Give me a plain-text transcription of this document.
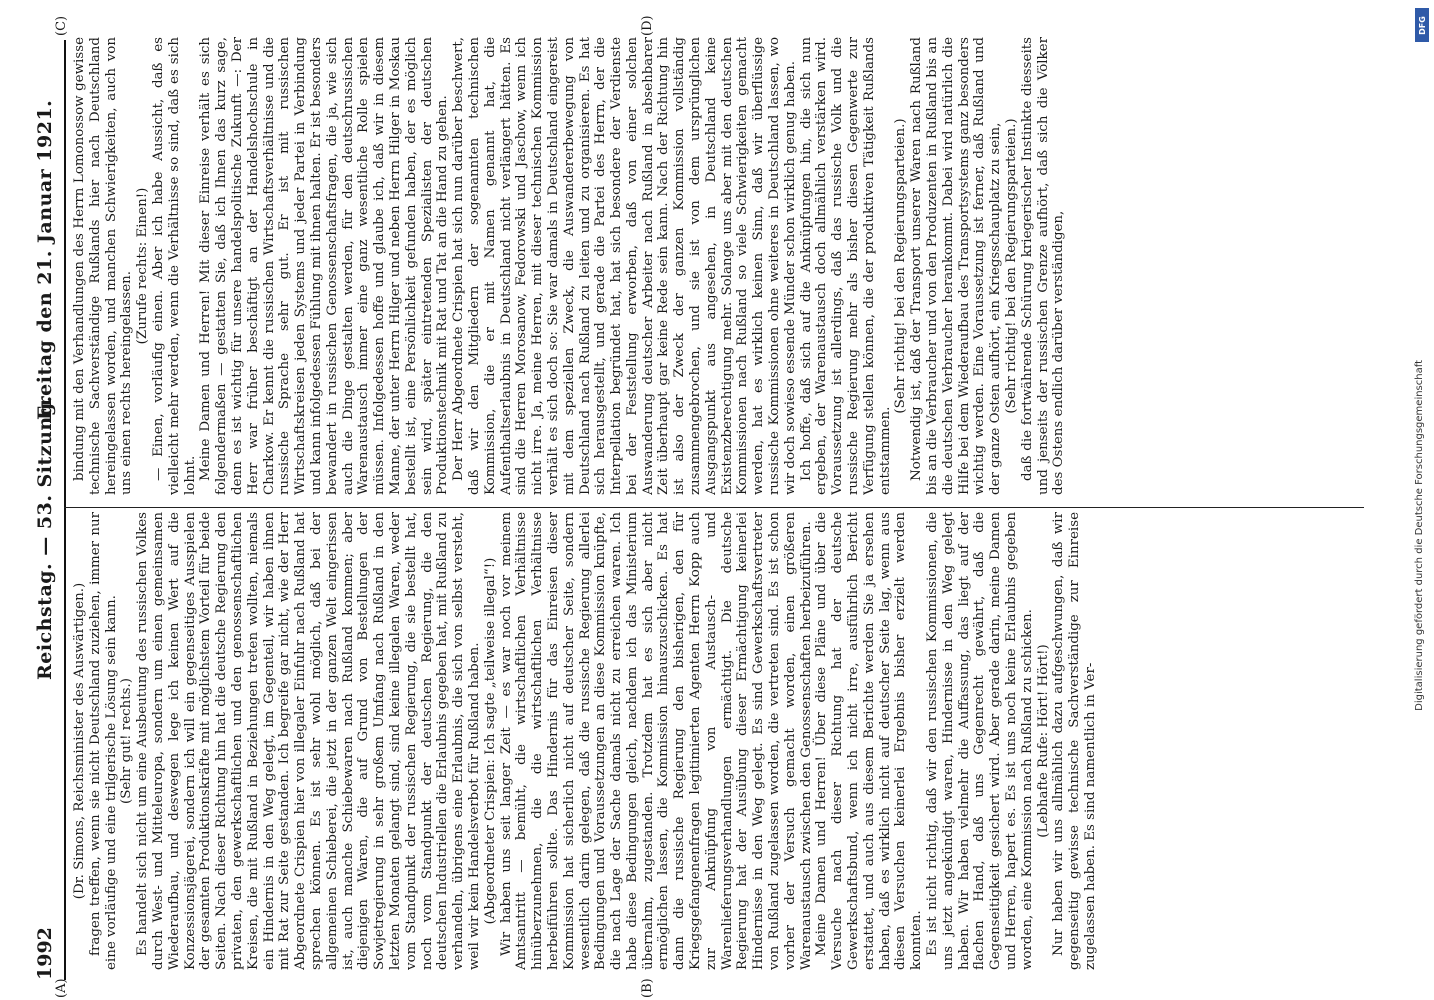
1992
Reichstag. — 53. Sitzung.
Freitag den 21. Januar 1921.

(Dr. Simons, Reichsminister des Auswärtigen.) fragen treffen, wenn sie nicht Deutschland zuziehen, immer nur eine vorläufige und eine trilgerische Lösung sein kann. (Sehr gut! rechts.) Es handelt sich nicht um eine Ausbeutung des russischen Volkes durch West- und Mitteleuropa, sondern um einen gemeinsamen Wiederaufbau, und deswegen lege ich keinen Wert auf die Konzessionsjägerei, sondern ich will ein gegenseitiges Ausspielen der gesamten Produktionskräfte mit möglichstem Vorteil für beide Seiten. Nach dieser Richtung hin hat die deutsche Regierung den privaten, den gewerkschaftlichen und den genossenschaftlichen Kreisen, die mit Rußland in Beziehungen treten wollten, niemals ein Hindernis in den Weg gelegt, im Gegenteil, wir haben ihnen mit Rat zur Seite gestanden. Ich begreife gar nicht, wie der Herr Abgeordnete Crispien hier von illegaler Einfuhr nach Rußland hat sprechen können. Es ist sehr wohl möglich, daß bei der allgemeinen Schieberei, die jetzt in der ganzen Welt eingerissen ist, auch manche Schiebewaren nach Rußland kommen; aber diejenigen Waren, die auf Grund von Bestellungen der Sowjetregierung in sehr großem Umfang nach Rußland in den letzten Monaten gelangt sind, sind keine illegalen Waren, weder vom Standpunkt der russischen Regierung, die sie bestellt hat, noch vom Standpunkt der deutschen Regierung, die den deutschen Industriellen die Erlaubnis gegeben hat, mit Rußland zu verhandeln, übrigens eine Erlaubnis, die sich von selbst versteht, weil wir kein Handelsverbot für Rußland haben. (Abgeordneter Crispien: Ich sagte „teilweise illegal“!) Wir haben uns seit langer Zeit — es war noch vor meinem Amtsantritt — bemüht, die wirtschaftlichen Verhältnisse hinüberzunehmen, die die wirtschaftlichen Verhältnisse herbeiführen sollte. Das Hindernis für das Einreisen dieser Kommission hat sicherlich nicht auf deutscher Seite, sondern wesentlich darin gelegen, daß die russische Regierung allerlei Bedingungen und Voraussetzungen an diese Kommission knüpfte, die nach Lage der Sache damals nicht zu erreichen waren. Ich habe diese Bedingungen gleich, nachdem ich das Ministerium übernahm, zugestanden. Trotzdem hat es sich aber nicht ermöglichen lassen, die Kommission hinauszuschicken. Es hat dann die russische Regierung den bisherigen, den für Kriegsgefangenenfragen legitimierten Agenten Herrn Kopp auch zur Anknüpfung von Austausch- und Warenlieferungsverhandlungen ermächtigt. Die deutsche Regierung hat der Ausübung dieser Ermächtigung keinerlei Hindernisse in den Weg gelegt. Es sind Gewerkschaftsvertreter von Rußland zugelassen worden, die vertreten sind. Es ist schon vorher der Versuch gemacht worden, einen größeren Warenaustausch zwischen den Genossenschaften herbeizuführen. Meine Damen und Herren! Über diese Pläne und über die Versuche nach dieser Richtung hat der deutsche Gewerkschaftsbund, wenn ich nicht irre, ausführlich Bericht erstattet, und auch aus diesem Berichte werden Sie ja ersehen haben, daß es wirklich nicht auf deutscher Seite lag, wenn aus diesen Versuchen keinerlei Ergebnis bisher erzielt werden konnten. Es ist nicht richtig, daß wir den russischen Kommissionen, die uns jetzt angekündigt waren, Hindernisse in den Weg gelegt haben. Wir haben vielmehr die Auffassung, das liegt auf der flachen Hand, daß uns Gegenrecht gewährt, daß die Gegenseitigkeit gesichert wird. Aber gerade darin, meine Damen und Herren, hapert es. Es ist uns noch keine Erlaubnis gegeben worden, eine Kommission nach Rußland zu schicken. (Lebhafte Rufe: Hört! Hört!) Nur haben wir uns allmählich dazu aufgeschwungen, daß wir gegenseitig gewisse technische Sachverständige zur Einreise zugelassen haben. Es sind namentlich in Ver-

bindung mit den Verhandlungen des Herrn Lomonossow gewisse technische Sachverständige Rußlands hier nach Deutschland hereingelassen worden, und manchen Schwierigkeiten, auch von uns einen rechts hereingelassen.

(Zurufe rechts: Einen!) — Einen, vorläufig einen. Aber ich habe Aussicht, daß es vielleicht mehr werden, wenn die Verhältnisse so sind, daß es sich lohnt. Meine Damen und Herren! Mit dieser Einreise verhält es sich folgendermaßen — gestatten Sie, daß ich Ihnen das kurz sage, denn es ist wichtig für unsere handelspolitische Zukunft —: Der Herr war früher beschäftigt an der Handelshochschule in Charkow. Er kennt die russischen Wirtschaftsverhältnisse und die russische Sprache sehr gut. Er ist mit russischen Wirtschaftskreisen jeden Systems und jeder Partei in Verbindung und kann infolgedessen Fühlung mit ihnen halten. Er ist besonders bewandert in russischen Genossenschaftsfragen, die ja, wie sich auch die Dinge gestalten werden, für den deutschrussischen Warenaustausch immer eine ganz wesentliche Rolle spielen müssen. Infolgedessen hoffe und glaube ich, daß wir in diesem Manne, der unter Herrn Hilger und neben Herrn Hilger in Moskau bestellt ist, eine Persönlichkeit gefunden haben, der es möglich sein wird, später eintretenden Spezialisten der deutschen Produktionstechnik mit Rat und Tat an die Hand zu gehen. Der Herr Abgeordnete Crispien hat sich nun darüber beschwert, daß wir den Mitgliedern der sogenannten technischen Kommission, die er mit Namen genannt hat, die Aufenthaltserlaubnis in Deutschland nicht verlängert hätten. Es sind die Herren Morosanow, Fedorowski und Jaschow, wenn ich nicht irre. Ja, meine Herren, mit dieser technischen Kommission verhält es sich doch so: Sie war damals in Deutschland eingereist mit dem speziellen Zweck, die Auswandererbewegung von Deutschland nach Rußland zu leiten und zu organisieren. Es hat sich herausgestellt, und gerade die Partei des Herrn, der die Interpellation begründet hat, hat sich besondere der Verdienste bei der Feststellung erworben, daß von einer solchen Auswanderung deutscher Arbeiter nach Rußland in absehbarer Zeit überhaupt gar keine Rede sein kann. Nach der Richtung hin ist also der Zweck der ganzen Kommission vollständig zusammengebrochen, und sie ist von dem ursprünglichen Ausgangspunkt aus angesehen, in Deutschland keine Existenzberechtigung mehr. Solange uns aber mit den deutschen Kommissionen nach Rußland so viele Schwierigkeiten gemacht werden, hat es wirklich keinen Sinn, daß wir überflüssige russische Kommissionen ohne weiteres in Deutschland lassen, wo wir doch sowieso essende Münder schon wirklich genug haben. Ich hoffe, daß sich auf die Anknüpfungen hin, die sich nun ergeben, der Warenaustausch doch allmählich verstärken wird. Voraussetzung ist allerdings, daß das russische Volk und die russische Regierung mehr als bisher diesen Gegenwerte zur Verfügung stellen können, die der produktiven Tätigkeit Rußlands entstammen.

(Sehr richtig! bei den Regierungsparteien.) Notwendig ist, daß der Transport unserer Waren nach Rußland bis an die Verbraucher und von den Produzenten in Rußland bis an die deutschen Verbraucher herankommt. Dabei wird natürlich die Hilfe bei dem Wiederaufbau des Transportsystems ganz besonders wichtig werden. Eine Voraussetzung ist ferner, daß Rußland und der ganze Osten aufhört, ein Kriegsschauplatz zu sein, (Sehr richtig! bei den Regierungsparteien.) daß die fortwährende Schürung kriegerischer Instinkte diesseits und jenseits der russischen Grenze aufhört, daß sich die Völker des Ostens endlich darüber verständigen,

(A)	(B)
(C)	(D)	DFG
Digitalisierung gefördert durch die Deutsche Forschungsgemeinschaft
